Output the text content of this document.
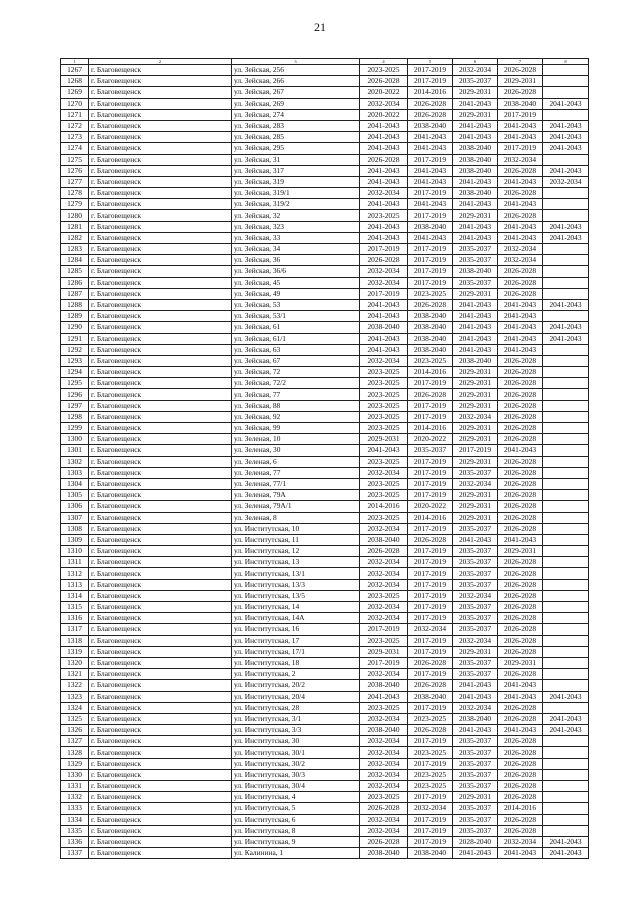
21
1	2	3	4	5	6	7	8
1267	г. Благовещенск	ул. Зейская, 256	2023-2025	2017-2019	2032-2034	2026-2028	
1268	г. Благовещенск	ул. Зейская, 266	2026-2028	2017-2019	2035-2037	2029-2031	
1269	г. Благовещенск	ул. Зейская, 267	2020-2022	2014-2016	2029-2031	2026-2028	
1270	г. Благовещенск	ул. Зейская, 269	2032-2034	2026-2028	2041-2043	2038-2040	2041-2043
1271	г. Благовещенск	ул. Зейская, 274	2020-2022	2026-2028	2029-2031	2017-2019	
1272	г. Благовещенск	ул. Зейская, 283	2041-2043	2038-2040	2041-2043	2041-2043	2041-2043
1273	г. Благовещенск	ул. Зейская, 285	2041-2043	2041-2043	2041-2043	2041-2043	2041-2043
1274	г. Благовещенск	ул. Зейская, 295	2041-2043	2041-2043	2038-2040	2017-2019	2041-2043
1275	г. Благовещенск	ул. Зейская, 31	2026-2028	2017-2019	2038-2040	2032-2034	
1276	г. Благовещенск	ул. Зейская, 317	2041-2043	2041-2043	2038-2040	2026-2028	2041-2043
1277	г. Благовещенск	ул. Зейская, 319	2041-2043	2041-2043	2041-2043	2041-2043	2032-2034
1278	г. Благовещенск	ул. Зейская, 319/1	2032-2034	2017-2019	2038-2040	2026-2028	
1279	г. Благовещенск	ул. Зейская, 319/2	2041-2043	2041-2043	2041-2043	2041-2043	
1280	г. Благовещенск	ул. Зейская, 32	2023-2025	2017-2019	2029-2031	2026-2028	
1281	г. Благовещенск	ул. Зейская, 323	2041-2043	2038-2040	2041-2043	2041-2043	2041-2043
1282	г. Благовещенск	ул. Зейская, 33	2041-2043	2041-2043	2041-2043	2041-2043	2041-2043
1283	г. Благовещенск	ул. Зейская, 34	2017-2019	2017-2019	2035-2037	2032-2034	
1284	г. Благовещенск	ул. Зейская, 36	2026-2028	2017-2019	2035-2037	2032-2034	
1285	г. Благовещенск	ул. Зейская, 36/6	2032-2034	2017-2019	2038-2040	2026-2028	
1286	г. Благовещенск	ул. Зейская, 45	2032-2034	2017-2019	2035-2037	2026-2028	
1287	г. Благовещенск	ул. Зейская, 49	2017-2019	2023-2025	2029-2031	2026-2028	
1288	г. Благовещенск	ул. Зейская, 53	2041-2043	2026-2028	2041-2043	2041-2043	2041-2043
1289	г. Благовещенск	ул. Зейская, 53/1	2041-2043	2038-2040	2041-2043	2041-2043	
1290	г. Благовещенск	ул. Зейская, 61	2038-2040	2038-2040	2041-2043	2041-2043	2041-2043
1291	г. Благовещенск	ул. Зейская, 61/1	2041-2043	2038-2040	2041-2043	2041-2043	2041-2043
1292	г. Благовещенск	ул. Зейская, 63	2041-2043	2038-2040	2041-2043	2041-2043	
1293	г. Благовещенск	ул. Зейская, 67	2032-2034	2023-2025	2038-2040	2026-2028	
1294	г. Благовещенск	ул. Зейская, 72	2023-2025	2014-2016	2029-2031	2026-2028	
1295	г. Благовещенск	ул. Зейская, 72/2	2023-2025	2017-2019	2029-2031	2026-2028	
1296	г. Благовещенск	ул. Зейская, 77	2023-2025	2026-2028	2029-2031	2026-2028	
1297	г. Благовещенск	ул. Зейская, 88	2023-2025	2017-2019	2029-2031	2026-2028	
1298	г. Благовещенск	ул. Зейская, 92	2023-2025	2017-2019	2032-2034	2026-2028	
1299	г. Благовещенск	ул. Зейская, 99	2023-2025	2014-2016	2029-2031	2026-2028	
1300	г. Благовещенск	ул. Зеленая, 10	2029-2031	2020-2022	2029-2031	2026-2028	
1301	г. Благовещенск	ул. Зеленая, 30	2041-2043	2035-2037	2017-2019	2041-2043	
1302	г. Благовещенск	ул. Зеленая, 6	2023-2025	2017-2019	2029-2031	2026-2028	
1303	г. Благовещенск	ул. Зеленая, 77	2032-2034	2017-2019	2035-2037	2026-2028	
1304	г. Благовещенск	ул. Зеленая, 77/1	2023-2025	2017-2019	2032-2034	2026-2028	
1305	г. Благовещенск	ул. Зеленая, 79А	2023-2025	2017-2019	2029-2031	2026-2028	
1306	г. Благовещенск	ул. Зеленая, 79А/1	2014-2016	2020-2022	2029-2031	2026-2028	
1307	г. Благовещенск	ул. Зеленая, 8	2023-2025	2014-2016	2029-2031	2026-2028	
1308	г. Благовещенск	ул. Институтская, 10	2032-2034	2017-2019	2035-2037	2026-2028	
1309	г. Благовещенск	ул. Институтская, 11	2038-2040	2026-2028	2041-2043	2041-2043	
1310	г. Благовещенск	ул. Институтская, 12	2026-2028	2017-2019	2035-2037	2029-2031	
1311	г. Благовещенск	ул. Институтская, 13	2032-2034	2017-2019	2035-2037	2026-2028	
1312	г. Благовещенск	ул. Институтская, 13/1	2032-2034	2017-2019	2035-2037	2026-2028	
1313	г. Благовещенск	ул. Институтская, 13/3	2032-2034	2017-2019	2035-2037	2026-2028	
1314	г. Благовещенск	ул. Институтская, 13/5	2023-2025	2017-2019	2032-2034	2026-2028	
1315	г. Благовещенск	ул. Институтская, 14	2032-2034	2017-2019	2035-2037	2026-2028	
1316	г. Благовещенск	ул. Институтская, 14А	2032-2034	2017-2019	2035-2037	2026-2028	
1317	г. Благовещенск	ул. Институтская, 16	2017-2019	2032-2034	2035-2037	2026-2028	
1318	г. Благовещенск	ул. Институтская, 17	2023-2025	2017-2019	2032-2034	2026-2028	
1319	г. Благовещенск	ул. Институтская, 17/1	2029-2031	2017-2019	2029-2031	2026-2028	
1320	г. Благовещенск	ул. Институтская, 18	2017-2019	2026-2028	2035-2037	2029-2031	
1321	г. Благовещенск	ул. Институтская, 2	2032-2034	2017-2019	2035-2037	2026-2028	
1322	г. Благовещенск	ул. Институтская, 20/2	2038-2040	2026-2028	2041-2043	2041-2043	
1323	г. Благовещенск	ул. Институтская, 20/4	2041-2043	2038-2040	2041-2043	2041-2043	2041-2043
1324	г. Благовещенск	ул. Институтская, 28	2023-2025	2017-2019	2032-2034	2026-2028	
1325	г. Благовещенск	ул. Институтская, 3/1	2032-2034	2023-2025	2038-2040	2026-2028	2041-2043
1326	г. Благовещенск	ул. Институтская, 3/3	2038-2040	2026-2028	2041-2043	2041-2043	2041-2043
1327	г. Благовещенск	ул. Институтская, 30	2032-2034	2017-2019	2035-2037	2026-2028	
1328	г. Благовещенск	ул. Институтская, 30/1	2032-2034	2023-2025	2035-2037	2026-2028	
1329	г. Благовещенск	ул. Институтская, 30/2	2032-2034	2017-2019	2035-2037	2026-2028	
1330	г. Благовещенск	ул. Институтская, 30/3	2032-2034	2023-2025	2035-2037	2026-2028	
1331	г. Благовещенск	ул. Институтская, 30/4	2032-2034	2023-2025	2035-2037	2026-2028	
1332	г. Благовещенск	ул. Институтская, 4	2023-2025	2017-2019	2029-2031	2026-2028	
1333	г. Благовещенск	ул. Институтская, 5	2026-2028	2032-2034	2035-2037	2014-2016	
1334	г. Благовещенск	ул. Институтская, 6	2032-2034	2017-2019	2035-2037	2026-2028	
1335	г. Благовещенск	ул. Институтская, 8	2032-2034	2017-2019	2035-2037	2026-2028	
1336	г. Благовещенск	ул. Институтская, 9	2026-2028	2017-2019	2028-2040	2032-2034	2041-2043
1337	г. Благовещенск	ул. Калинина, 1	2038-2040	2038-2040	2041-2043	2041-2043	2041-2043
